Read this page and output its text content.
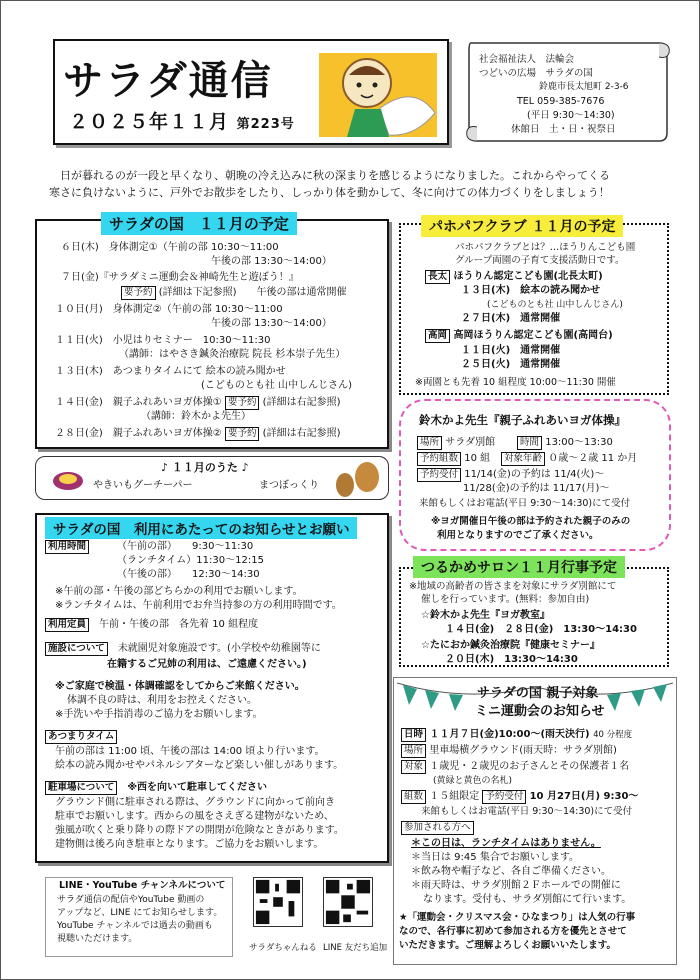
サラダ通信
２０２５年１１月 第223号
社会福祉法人　法輪会
つどいの広場　サラダの国
鈴鹿市長太旭町 2-3-6
TEL 059-385-7676
(平日 9:30～14:30)
休館日　土・日・祝祭日
日が暮れるのが一段と早くなり、朝晩の冷え込みに秋の深まりを感じるようになりました。これからやってくる
寒さに負けないように、戸外でお散歩をしたり、しっかり体を動かして、冬に向けての体力づくりをしましょう！
サラダの国　１１月の予定
６日(木)　身体測定①（午前の部 10:30～11:00
午後の部 13:30～14:00）
７日(金)『サラダミニ運動会＆神崎先生と遊ぼう！』
要予約 (詳細は下記参照)　　午後の部は通常開催
１０日(月)　身体測定②（午前の部 10:30～11:00
午後の部 13:30～14:00）
１１日(火)　小児はりセミナー　10:30～11:30
（講師：はやさき鍼灸治療院 院長 杉本崇子先生）
１３日(木)　あつまりタイムにて 絵本の読み聞かせ
(こどものとも社 山中しんじさん)
１４日(金)　親子ふれあいヨガ体操① 要予約 (詳細は右記参照)
（講師：鈴木かよ先生）
２８日(金)　親子ふれあいヨガ体操② 要予約 (詳細は右記参照)
♪ １１月のうた ♪
やきいもグーチーパー	まつぼっくり
パホパフクラブ １１月の予定
パホパフクラブとは？…ほうりんこども園
グループ両園の子育て支援活動日です。
長太 ほうりん認定こども園(北長太町)
１３日(木)　絵本の読み聞かせ
(こどものとも社 山中しんじさん)
２７日(木)　通常開催
高岡 高岡ほうりん認定こども園(高岡台)
１１日(火)　通常開催
２５日(火)　通常開催
※両園とも先着 10 組程度 10:00～11:30 開催
鈴木かよ先生『親子ふれあいヨガ体操』
場所 サラダ別館	時間 13:00～13:30
予約組数 10 組	対象年齢 ０歳～２歳 11 か月
予約受付 11/14(金)の予約は 11/4(火)～
11/28(金)の予約は 11/17(月)～
来館もしくはお電話(平日 9:30～14:30)にて受付
※ヨガ開催日午後の部は予約された親子のみの
利用となりますのでご了承ください。
つるかめサロン１１月行事予定
※地域の高齢者の皆さまを対象にサラダ別館にて
催しを行っています。(無料：参加自由)
☆鈴木かよ先生『ヨガ教室』
１４日(金)　２８日(金)　13:30～14:30
☆たにおか鍼灸治療院『健康セミナー』
２０日(木)　13:30～14:30
サラダの国　利用にあたってのお知らせとお願い
利用時間	（午前の部）　　9:30～11:30
（ランチタイム）11:30～12:15
（午後の部）　　12:30～14:30
※午前の部・午後の部どちらかの利用でお願いします。
※ランチタイムは、午前利用でお弁当持参の方の利用時間です。
利用定員　 午前・午後の部　各先着 10 組程度
施設について　 未就園児対象施設です。(小学校や幼稚園等に
在籍するご兄姉の利用は、ご遠慮ください。)
※ご家庭で検温・体調確認をしてからご来館ください。
体調不良の時は、利用をお控えください。
※手洗いや手指消毒のご協力をお願いします。
あつまりタイム
午前の部は 11:00 頃、午後の部は 14:00 頃より行います。
絵本の読み聞かせやパネルシアターなど楽しい催しがあります。
駐車場について　 ※西を向いて駐車してください
グラウンド側に駐車される際は、グラウンドに向かって前向き
駐車でお願いします。西からの風をさえぎる建物がないため、
強風が吹くと乗り降りの際ドアの開閉が危険なときがあります。
建物側は後ろ向き駐車となります。ご協力をお願いします。
LINE・YouTube チャンネルについて
サラダ通信の配信やYouTube 動画の
アップなど、LINE にてお知らせします。
YouTube チャンネルでは過去の動画も
視聴いただけます。
サラダちゃんねる LINE 友だち追加
サラダの国 親子対象
ミニ運動会のお知らせ
日時 １１月７日(金)10:00～(雨天決行) 40 分程度
場所 里車場横グラウンド(雨天時：サラダ別館)
対象 １歳児・２歳児のお子さんとその保護者１名
(黄緑と黄色の名札)
組数 １５組限定 予約受付 10 月27日(月) 9:30～
来館もしくはお電話(平日 9:30～14:30)にて受付
参加される方へ
＊この日は、ランチタイムはありません。
＊当日は 9:45 集合でお願いします。
＊飲み物や帽子など、各自ご準備ください。
＊雨天時は、サラダ別館２Ｆホールでの開催に
なります。受付も、サラダ別館にて行います。
★「運動会・クリスマス会・ひなまつり」は人気の行事
なので、各行事に初めて参加される方を優先とさせて
いただきます。ご理解よろしくお願いいたします。
